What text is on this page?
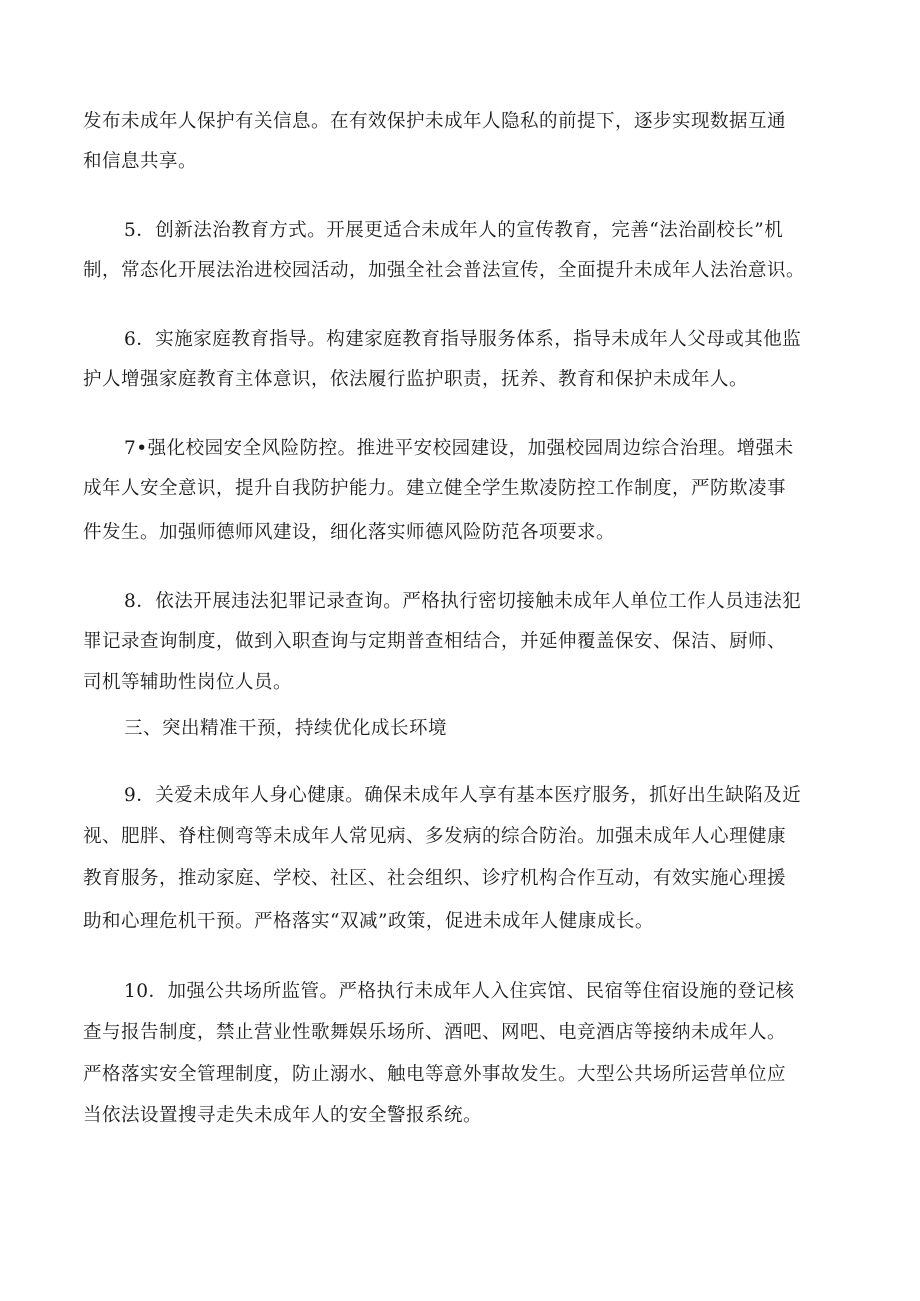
发布未成年人保护有关信息。在有效保护未成年人隐私的前提下，逐步实现数据互通
和信息共享。
5．创新法治教育方式。开展更适合未成年人的宣传教育，完善“法治副校长”机
制，常态化开展法治进校园活动，加强全社会普法宣传，全面提升未成年人法治意识。
6．实施家庭教育指导。构建家庭教育指导服务体系，指导未成年人父母或其他监
护人增强家庭教育主体意识，依法履行监护职责，抚养、教育和保护未成年人。
7•强化校园安全风险防控。推进平安校园建设，加强校园周边综合治理。增强未
成年人安全意识，提升自我防护能力。建立健全学生欺凌防控工作制度，严防欺凌事
件发生。加强师德师风建设，细化落实师德风险防范各项要求。
8．依法开展违法犯罪记录查询。严格执行密切接触未成年人单位工作人员违法犯
罪记录查询制度，做到入职查询与定期普查相结合，并延伸覆盖保安、保洁、厨师、
司机等辅助性岗位人员。
三、突出精准干预，持续优化成长环境
9．关爱未成年人身心健康。确保未成年人享有基本医疗服务，抓好出生缺陷及近
视、肥胖、脊柱侧弯等未成年人常见病、多发病的综合防治。加强未成年人心理健康
教育服务，推动家庭、学校、社区、社会组织、诊疗机构合作互动，有效实施心理援
助和心理危机干预。严格落实“双减”政策，促进未成年人健康成长。
10．加强公共场所监管。严格执行未成年人入住宾馆、民宿等住宿设施的登记核
查与报告制度，禁止营业性歌舞娱乐场所、酒吧、网吧、电竞酒店等接纳未成年人。
严格落实安全管理制度，防止溺水、触电等意外事故发生。大型公共场所运营单位应
当依法设置搜寻走失未成年人的安全警报系统。
